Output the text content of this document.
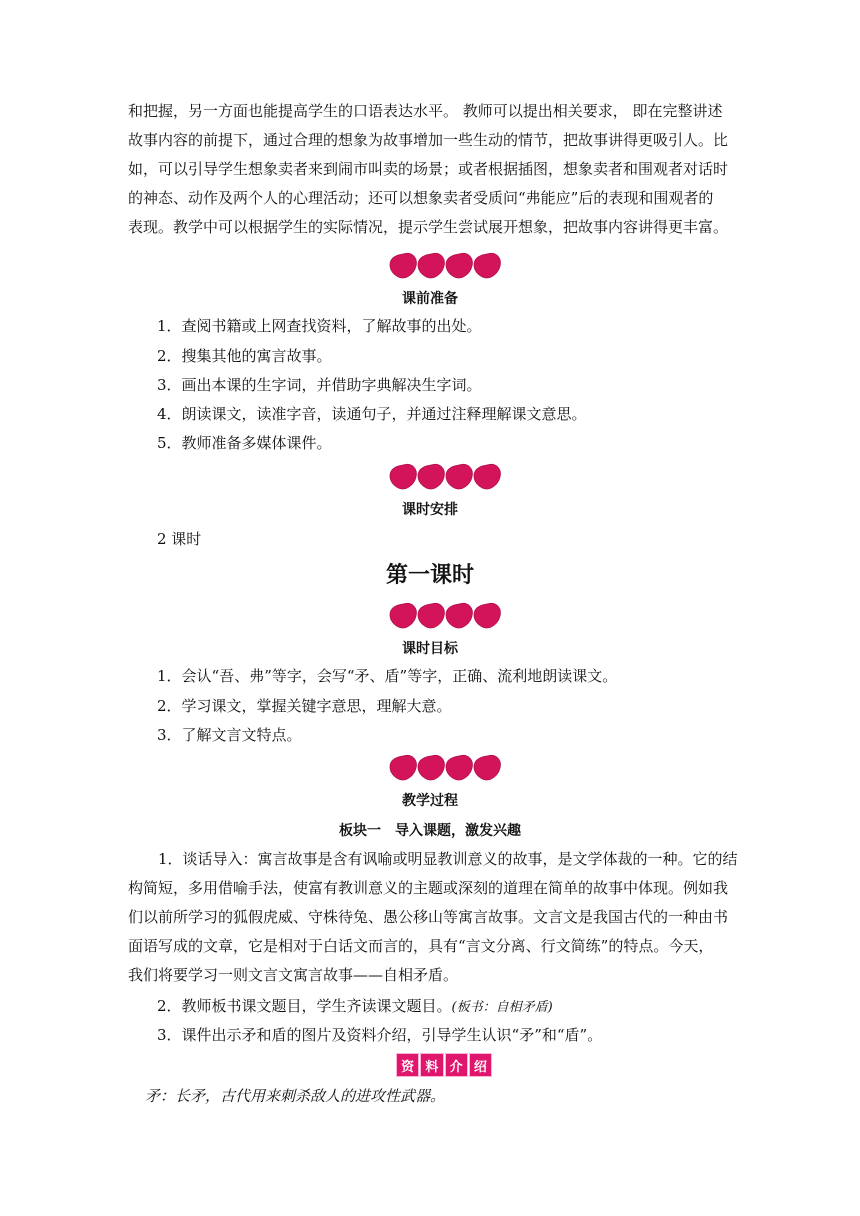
和把握，另一方面也能提高学生的口语表达水平。 教师可以提出相关要求， 即在完整讲述
故事内容的前提下，通过合理的想象为故事增加一些生动的情节，把故事讲得更吸引人。比
如，可以引导学生想象卖者来到闹市叫卖的场景；或者根据插图，想象卖者和围观者对话时
的神态、动作及两个人的心理活动；还可以想象卖者受质问“弗能应”后的表现和围观者的
表现。教学中可以根据学生的实际情况，提示学生尝试展开想象，把故事内容讲得更丰富。
课前准备
1．查阅书籍或上网查找资料，了解故事的出处。
2．搜集其他的寓言故事。
3．画出本课的生字词，并借助字典解决生字词。
4．朗读课文，读准字音，读通句子，并通过注释理解课文意思。
5．教师准备多媒体课件。
课时安排
2 课时
第一课时
课时目标
1．会认“吾、弗”等字，会写“矛、盾”等字，正确、流利地朗读课文。
2．学习课文，掌握关键字意思，理解大意。
3．了解文言文特点。
教学过程
板块一　导入课题，激发兴趣
1．谈话导入：寓言故事是含有讽喻或明显教训意义的故事，是文学体裁的一种。它的结
构简短，多用借喻手法，使富有教训意义的主题或深刻的道理在简单的故事中体现。例如我
们以前所学习的狐假虎威、守株待兔、愚公移山等寓言故事。文言文是我国古代的一种由书
面语写成的文章，它是相对于白话文而言的，具有“言文分离、行文简练”的特点。今天，
我们将要学习一则文言文寓言故事——自相矛盾。
2．教师板书课文题目，学生齐读课文题目。(板书：自相矛盾)
3．课件出示矛和盾的图片及资料介绍，引导学生认识“矛”和“盾”。
资 料 介 绍
矛：长矛，古代用来刺杀敌人的进攻性武器。
